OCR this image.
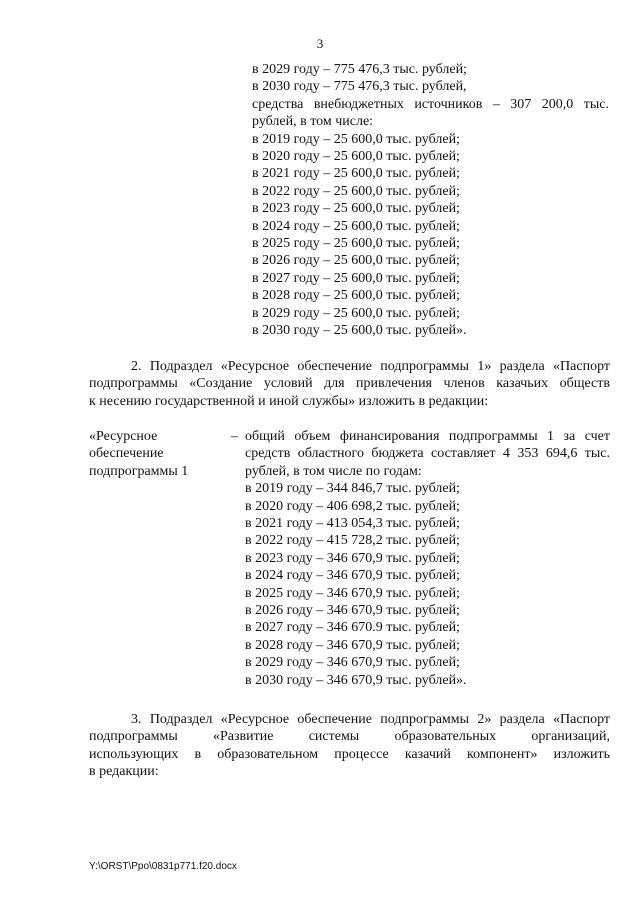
3
в 2029 году – 775 476,3 тыс. рублей;
в 2030 году – 775 476,3 тыс. рублей,
средства внебюджетных источников – 307 200,0 тыс.
рублей, в том числе:
в 2019 году – 25 600,0 тыс. рублей;
в 2020 году – 25 600,0 тыс. рублей;
в 2021 году – 25 600,0 тыс. рублей;
в 2022 году – 25 600,0 тыс. рублей;
в 2023 году – 25 600,0 тыс. рублей;
в 2024 году – 25 600,0 тыс. рублей;
в 2025 году – 25 600,0 тыс. рублей;
в 2026 году – 25 600,0 тыс. рублей;
в 2027 году – 25 600,0 тыс. рублей;
в 2028 году – 25 600,0 тыс. рублей;
в 2029 году – 25 600,0 тыс. рублей;
в 2030 году – 25 600,0 тыс. рублей».
2. Подраздел «Ресурсное обеспечение подпрограммы 1» раздела «Паспорт
подпрограммы «Создание условий для привлечения членов казачьих обществ
к несению государственной и иной службы» изложить в редакции:
«Ресурсное
обеспечение
подпрограммы 1
– общий объем финансирования подпрограммы 1 за счет
средств областного бюджета составляет 4 353 694,6 тыс.
рублей, в том числе по годам:
в 2019 году – 344 846,7 тыс. рублей;
в 2020 году – 406 698,2 тыс. рублей;
в 2021 году – 413 054,3 тыс. рублей;
в 2022 году – 415 728,2 тыс. рублей;
в 2023 году – 346 670,9 тыс. рублей;
в 2024 году – 346 670,9 тыс. рублей;
в 2025 году – 346 670,9 тыс. рублей;
в 2026 году – 346 670,9 тыс. рублей;
в 2027 году – 346 670.9 тыс. рублей;
в 2028 году – 346 670,9 тыс. рублей;
в 2029 году – 346 670,9 тыс. рублей;
в 2030 году – 346 670,9 тыс. рублей».
3. Подраздел «Ресурсное обеспечение подпрограммы 2» раздела «Паспорт
подпрограммы «Развитие системы образовательных организаций,
использующих в образовательном процессе казачий компонент» изложить
в редакции:
Y:\ORST\Ppo\0831p771.f20.docx
